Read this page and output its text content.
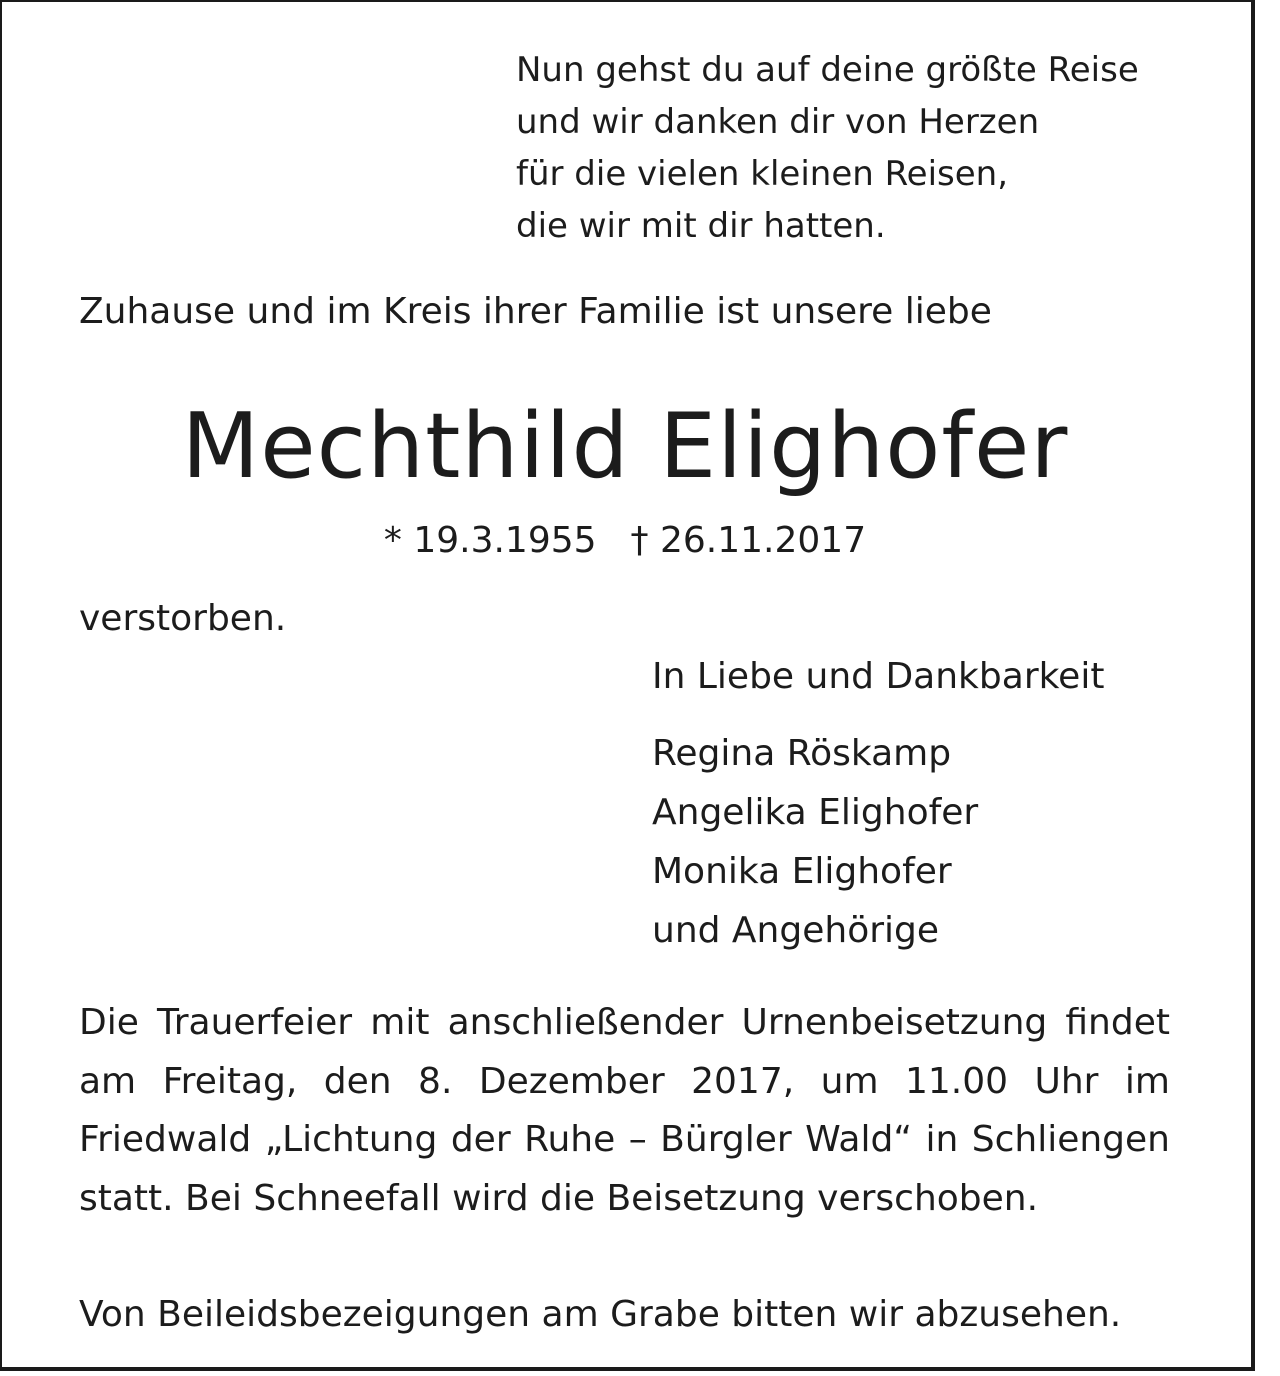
Nun gehst du auf deine größte Reise
und wir danken dir von Herzen
für die vielen kleinen Reisen,
die wir mit dir hatten.
Zuhause und im Kreis ihrer Familie ist unsere liebe
Mechthild Elighofer
* 19.3.1955 † 26.11.2017
verstorben.
In Liebe und Dankbarkeit
Regina Röskamp
Angelika Elighofer
Monika Elighofer
und Angehörige
Die Trauerfeier mit anschließender Urnenbeisetzung findet am Freitag, den 8. Dezember 2017, um 11.00 Uhr im Friedwald „Lichtung der Ruhe – Bürgler Wald“ in Schliengen statt. Bei Schneefall wird die Beisetzung verschoben.
Von Beileidsbezeigungen am Grabe bitten wir abzusehen.
